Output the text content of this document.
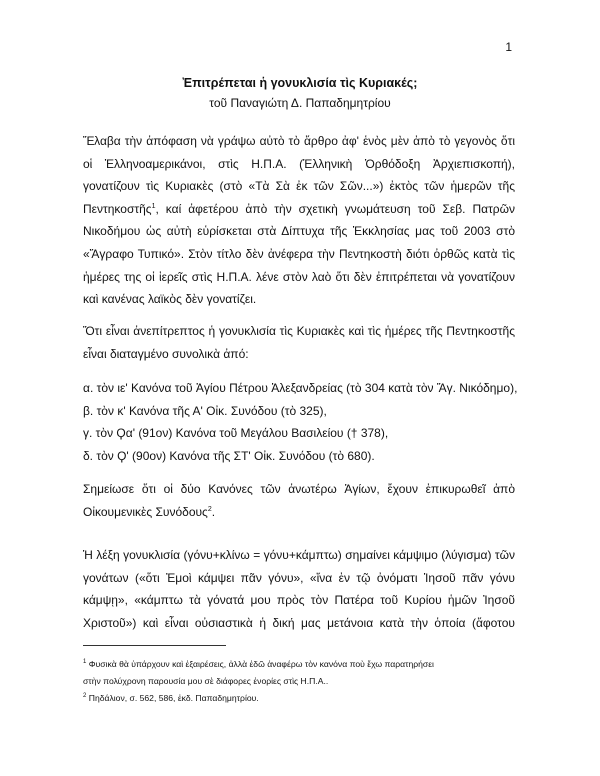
1
Ἐπιτρέπεται ἡ γονυκλισία τὶς Κυριακές;
τοῦ Παναγιώτη Δ. Παπαδημητρίου
Ἔλαβα τὴν ἀπόφαση νὰ γράψω αὐτὸ τὸ ἄρθρο ἀφ' ἑνὸς μὲν ἀπὸ τὸ γεγονὸς ὅτι
οἱ Ἑλληνοαμερικάνοι, στὶς Η.Π.Α. (Ἑλληνικὴ Ὀρθόδοξη Ἀρχιεπισκοπή),
γονατίζουν τὶς Κυριακὲς (στὸ «Τὰ Σὰ ἐκ τῶν Σῶν...») ἐκτὸς τῶν ἡμερῶν τῆς
Πεντηκοστῆς$^1$, καί ἀφετέρου ἀπὸ τὴν σχετικὴ γνωμάτευση τοῦ Σεβ. Πατρῶν
Νικοδήμου ὡς αὐτὴ εὑρίσκεται στὰ Δίπτυχα τῆς Ἐκκλησίας μας τοῦ 2003 στὸ
«Ἄγραφο Τυπικό». Στὸν τίτλο δὲν ἀνέφερα τὴν Πεντηκοστὴ διότι ὀρθῶς κατὰ τὶς
ἡμέρες της οἱ ἱερεῖς στὶς Η.Π.Α. λένε στὸν λαὸ ὅτι δὲν ἐπιτρέπεται νὰ γονατίζουν
καὶ κανένας λαϊκὸς δὲν γονατίζει.
Ὅτι εἶναι ἀνεπίτρεπτος ἡ γονυκλισία τὶς Κυριακὲς καὶ τὶς ἡμέρες τῆς Πεντηκοστῆς
εἶναι διαταγμένο συνολικὰ ἀπό:
α. τὸν ιε' Κανόνα τοῦ Ἁγίου Πέτρου Ἀλεξανδρείας (τὸ 304 κατὰ τὸν Ἅγ. Νικόδημο),
β. τὸν κ' Κανόνα τῆς Α' Οἰκ. Συνόδου (τὸ 325),
γ. τὸν Ϙα' (91ον) Κανόνα τοῦ Μεγάλου Βασιλείου († 378),
δ. τὸν Ϙ' (90ον) Κανόνα τῆς ΣΤ' Οἰκ. Συνόδου (τὸ 680).
Σημείωσε ὅτι οἱ δύο Κανόνες τῶν ἀνωτέρω Ἁγίων, ἔχουν ἐπικυρωθεῖ ἀπὸ
Οἰκουμενικὲς Συνόδους$^2$.
Ἡ λέξη γονυκλισία (γόνυ+κλίνω = γόνυ+κάμπτω) σημαίνει κάμψιμο (λύγισμα) τῶν
γονάτων («ὅτι Ἐμοὶ κάμψει πᾶν γόνυ», «ἵνα ἐν τῷ ὀνόματι Ἰησοῦ πᾶν γόνυ
κάμψῃ», «κάμπτω τὰ γόνατά μου πρὸς τὸν Πατέρα τοῦ Κυρίου ἡμῶν Ἰησοῦ
Χριστοῦ») καὶ εἶναι οὐσιαστικὰ ἡ δική μας μετάνοια κατὰ τὴν ὁποία (ἄφοτου
$^1$ Φυσικὰ θὰ ὑπάρχουν καὶ ἐξαιρέσεις, ἀλλὰ ἐδῶ ἀναφέρω τὸν κανόνα ποὺ ἔχω παρατηρήσει
στὴν πολύχρονη παρουσία μου σὲ διάφορες ἐνορίες στὶς Η.Π.Α..
$^2$ Πηδάλιον, σ. 562, 586, ἐκδ. Παπαδημητρίου.
